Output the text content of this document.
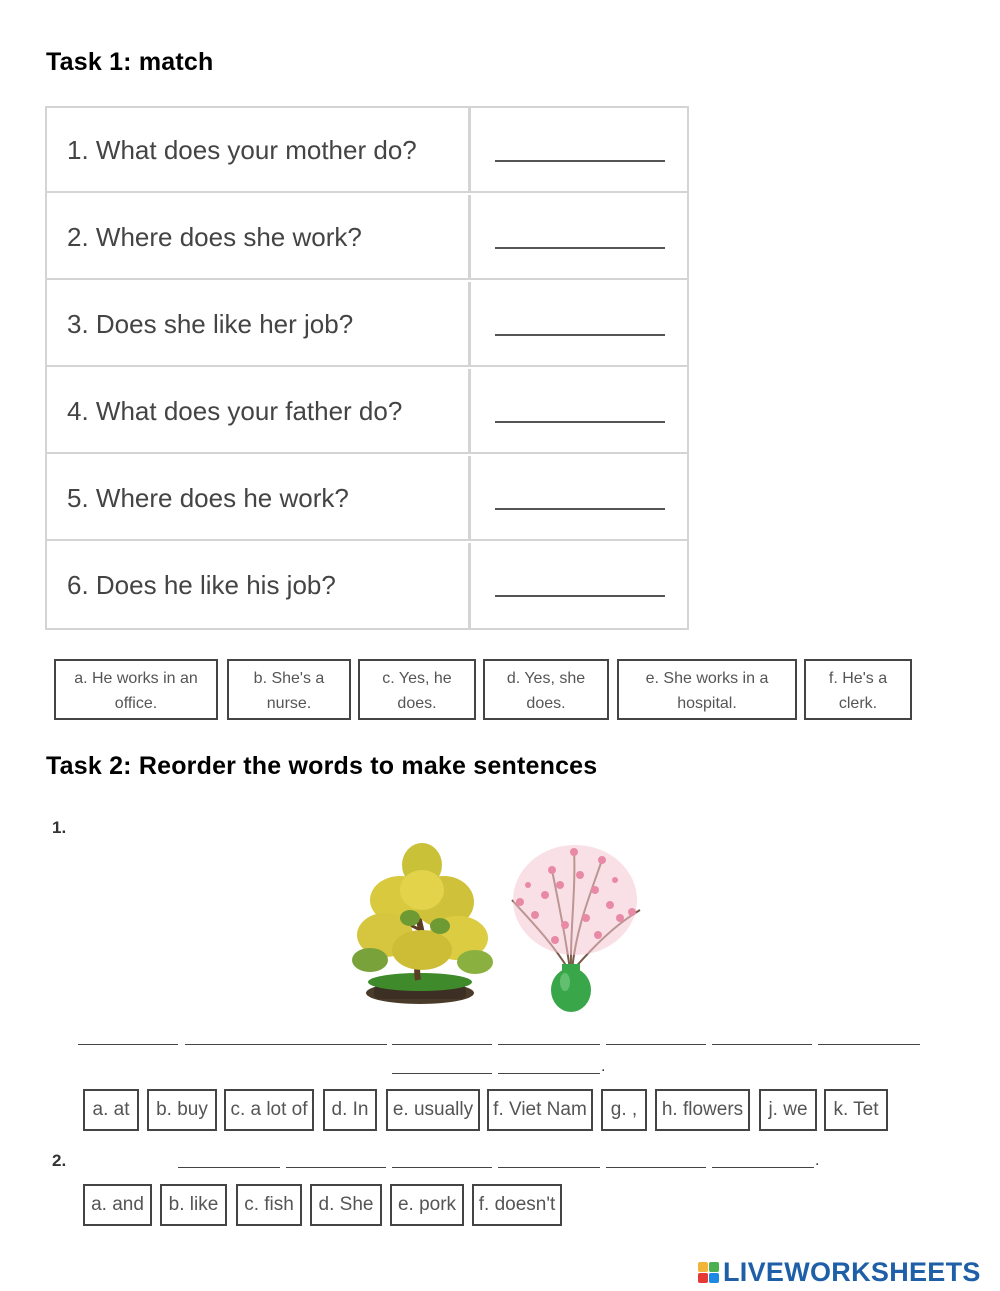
Task 1: match
1. What does your mother do?
2. Where does she work?
3. Does she like her job?
4. What does your father do?
5. Where does he work?
6. Does he like his job?
a. He works in an
office.
b. She's a
nurse.
c. Yes, he
does.
d. Yes, she
does.
e. She works in a
hospital.
f. He's a
clerk.
Task 2: Reorder the words to make sentences
1.
.
a. at b. buy c. a lot of d. In e. usually f. Viet Nam g. , h. flowers j. we k. Tet
2.	.
a. and b. like c. fish d. She e. pork f. doesn't
LIVEWORKSHEETS
